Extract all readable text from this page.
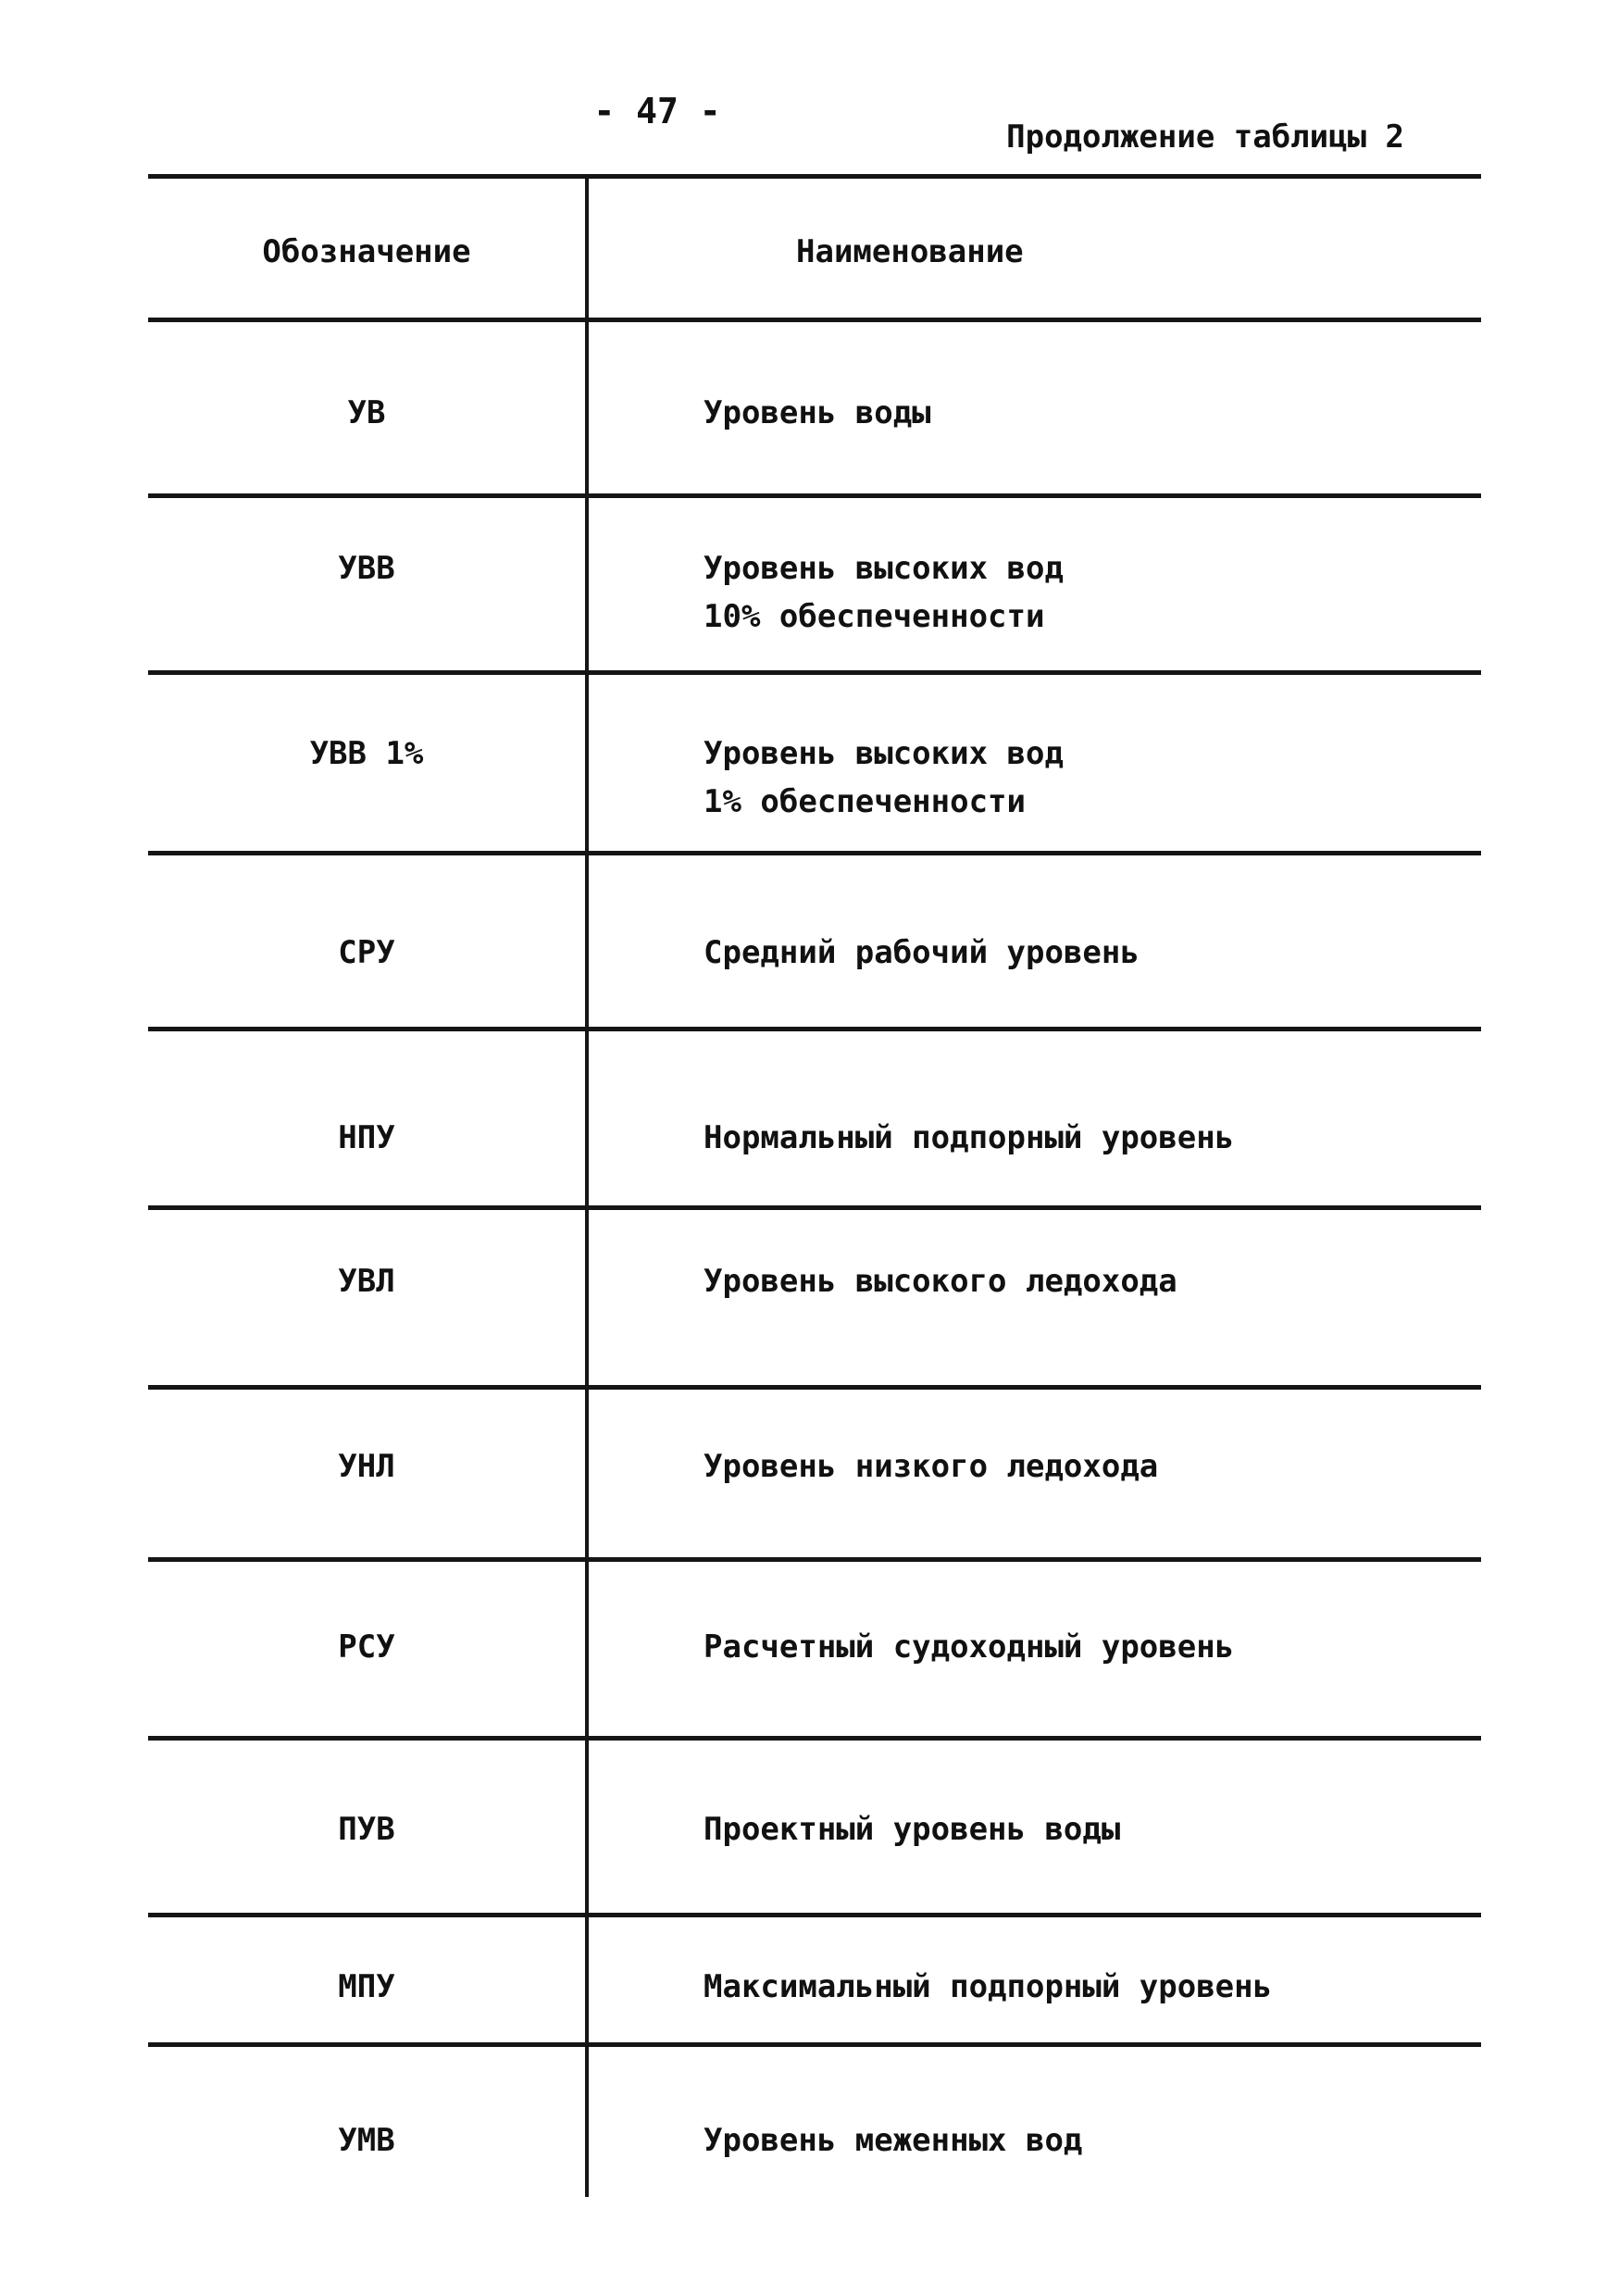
- 47 -
Продолжение таблицы 2
Обозначение	Наименование
УВ	Уровень воды
УВВ	Уровень высоких вод
10% обеспеченности
УВВ 1%	Уровень высоких вод
1% обеспеченности
СРУ	Средний рабочий уровень
НПУ	Нормальный подпорный уровень
УВЛ	Уровень высокого ледохода
УНЛ	Уровень низкого ледохода
РСУ	Расчетный судоходный уровень
ПУВ	Проектный уровень воды
МПУ	Максимальный подпорный уровень
УМВ	Уровень меженных вод
